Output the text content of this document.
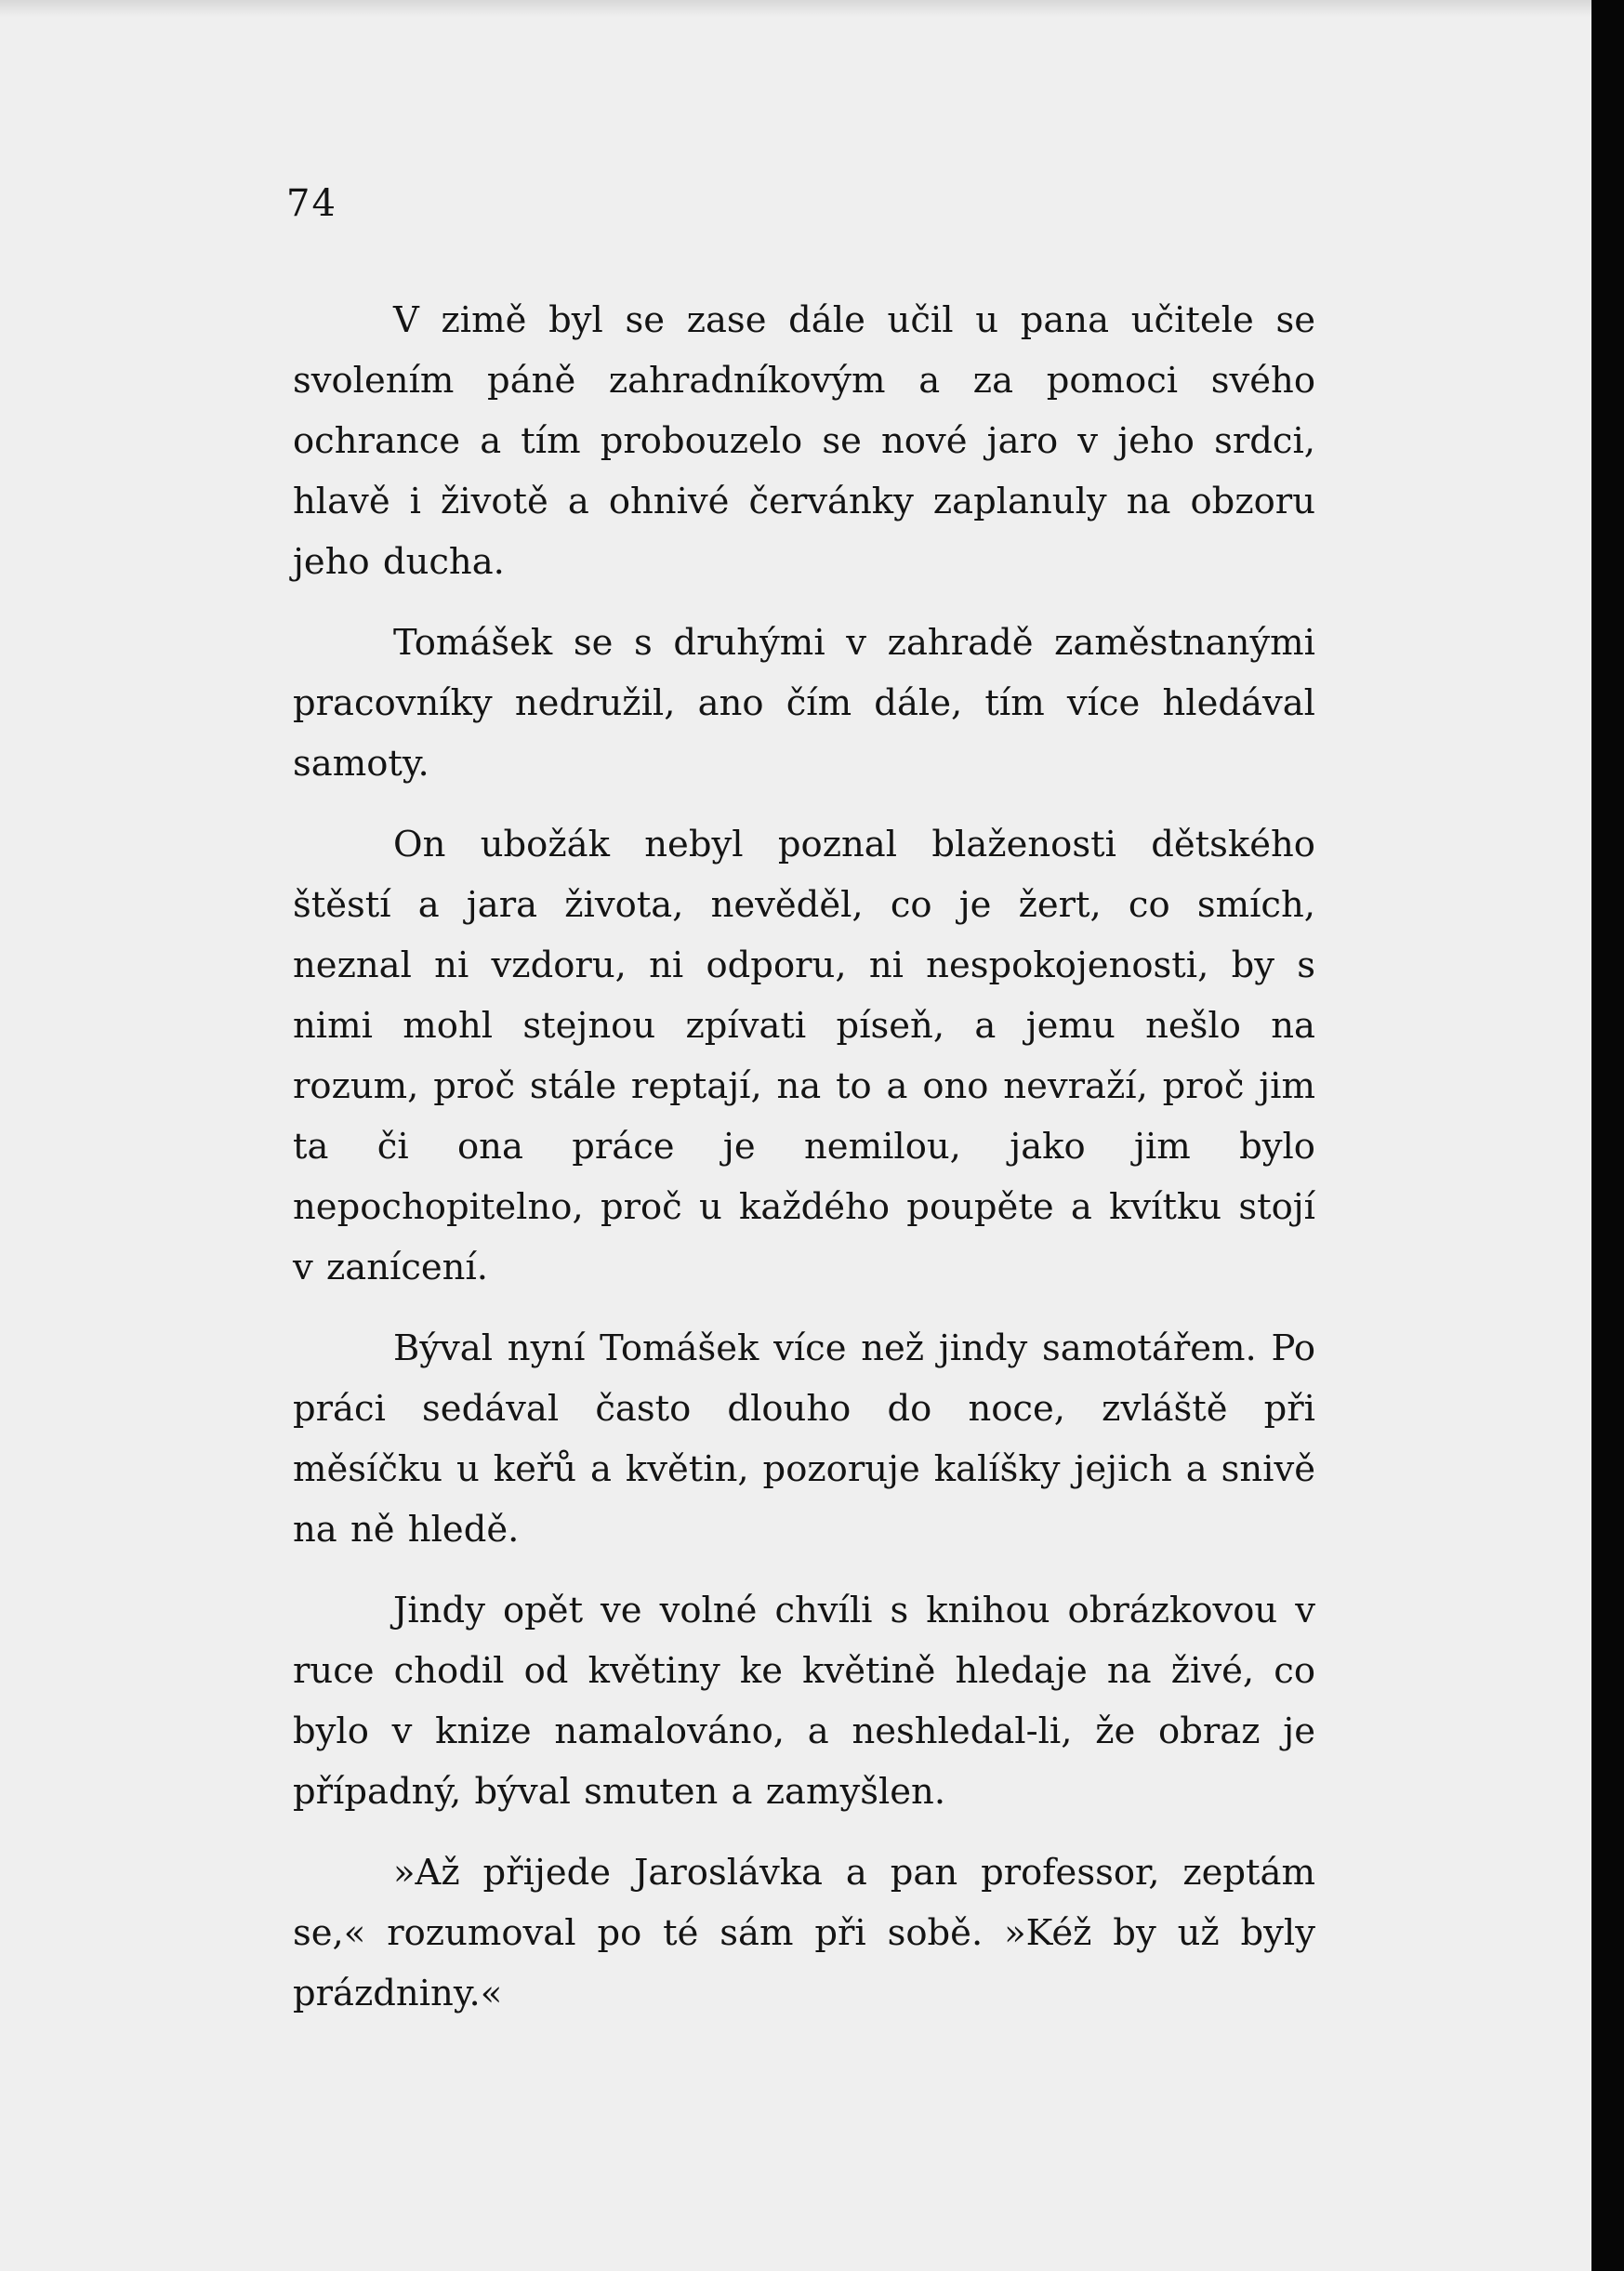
74

V zimě byl se zase dále učil u pana učitele se svolením páně zahradníkovým a za pomoci svého ochrance a tím probouzelo se nové jaro v jeho srdci, hlavě i životě a ohnivé červánky zaplanuly na obzoru jeho ducha.

Tomášek se s druhými v zahradě zaměstnanými pracovníky nedružil, ano čím dále, tím více hledával samoty.

On ubožák nebyl poznal blaženosti dětského štěstí a jara života, nevěděl, co je žert, co smích, neznal ni vzdoru, ni odporu, ni nespokojenosti, by s nimi mohl stejnou zpívati píseň, a jemu nešlo na rozum, proč stále reptají, na to a ono nevraží, proč jim ta či ona práce je nemilou, jako jim bylo nepochopitelno, proč u každého poupěte a kvítku stojí v zanícení.

Býval nyní Tomášek více než jindy samotářem. Po práci sedával často dlouho do noce, zvláště při měsíčku u keřů a květin, pozoruje kalíšky jejich a snivě na ně hledě.

Jindy opět ve volné chvíli s knihou obrázkovou v ruce chodil od květiny ke květině hledaje na živé, co bylo v knize namalováno, a neshledal-li, že obraz je případný, býval smuten a zamyšlen.

»Až přijede Jaroslávka a pan professor, zeptám se,« rozumoval po té sám při sobě. »Kéž by už byly prázdniny.«
